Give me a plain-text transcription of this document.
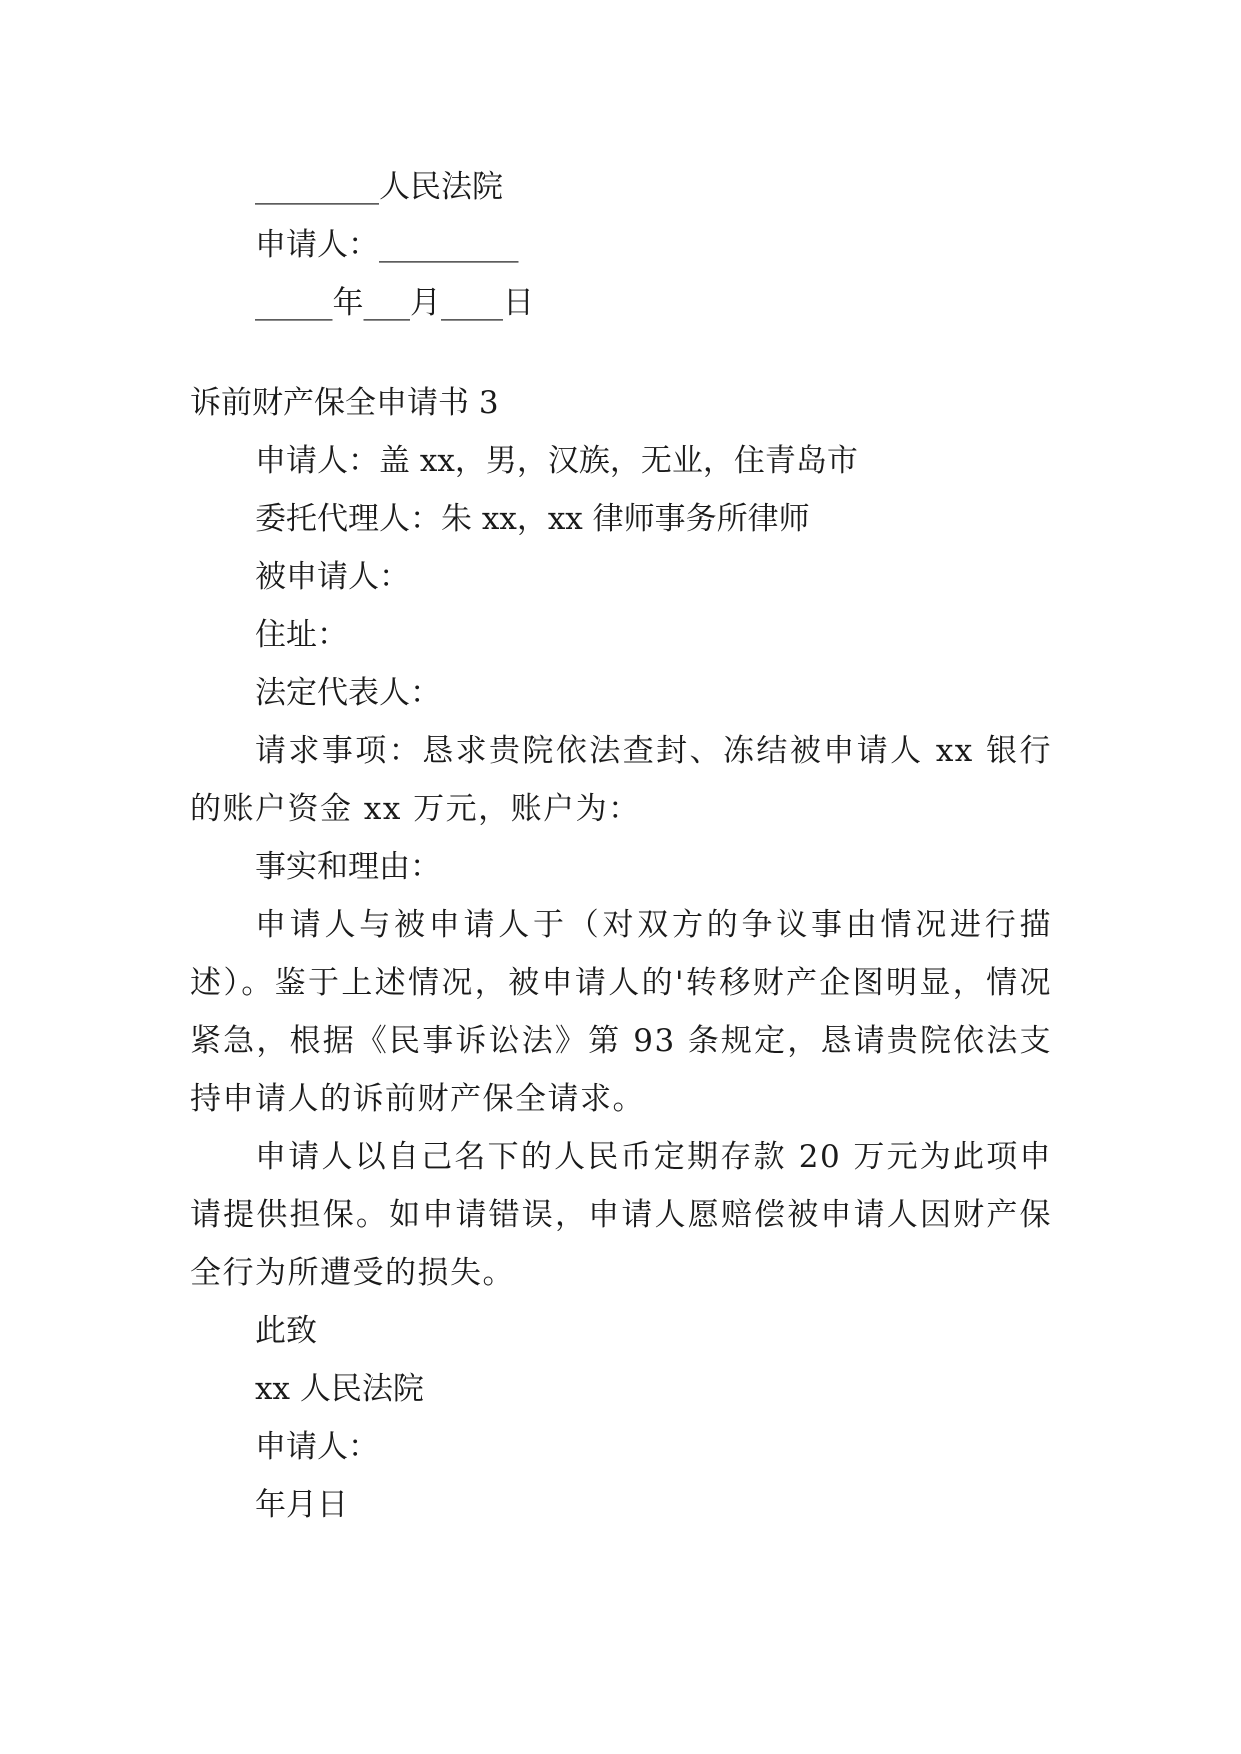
________人民法院
申请人：_________
_____年___月____日
诉前财产保全申请书 3
申请人：盖 xx，男，汉族，无业，住青岛市
委托代理人：朱 xx，xx 律师事务所律师
被申请人：
住址：
法定代表人：

请求事项：恳求贵院依法查封、冻结被申请人 xx 银行的账户资金 xx 万元，账户为：

事实和理由：

申请人与被申请人于（对双方的争议事由情况进行描述）。鉴于上述情况，被申请人的'转移财产企图明显，情况紧急，根据《民事诉讼法》第 93 条规定，恳请贵院依法支持申请人的诉前财产保全请求。

申请人以自己名下的人民币定期存款 20 万元为此项申请提供担保。如申请错误，申请人愿赔偿被申请人因财产保全行为所遭受的损失。

此致
xx 人民法院
申请人：
年月日
